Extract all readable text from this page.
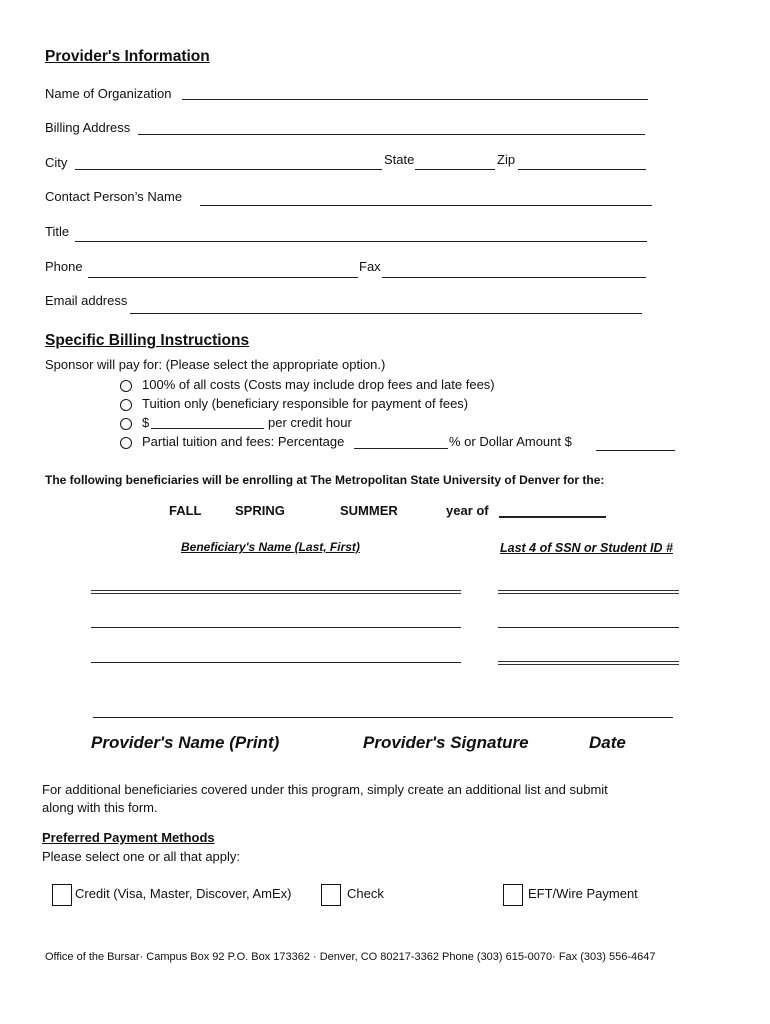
Provider's Information
Name of Organization
Billing Address
City	State	Zip
Contact Person’s Name
Title
Phone	Fax
Email address
Specific Billing Instructions
Sponsor will pay for: (Please select the appropriate option.)
100% of all costs (Costs may include drop fees and late fees)
Tuition only (beneficiary responsible for payment of fees)
$	per credit hour
Partial tuition and fees: Percentage	% or Dollar Amount $
The following beneficiaries will be enrolling at The Metropolitan State University of Denver for the:
FALL	SPRING	SUMMER	year of
Beneficiary's Name (Last, First)	Last 4 of SSN or Student ID #
Provider's Name (Print)	Provider's Signature	Date
For additional beneficiaries covered under this program, simply create an additional list and submit
along with this form.
Preferred Payment Methods
Please select one or all that apply:
Credit (Visa, Master, Discover, AmEx)	Check	EFT/Wire Payment
Office of the Bursar· Campus Box 92 P.O. Box 173362 · Denver, CO 80217-3362 Phone (303) 615-0070· Fax (303) 556-4647
